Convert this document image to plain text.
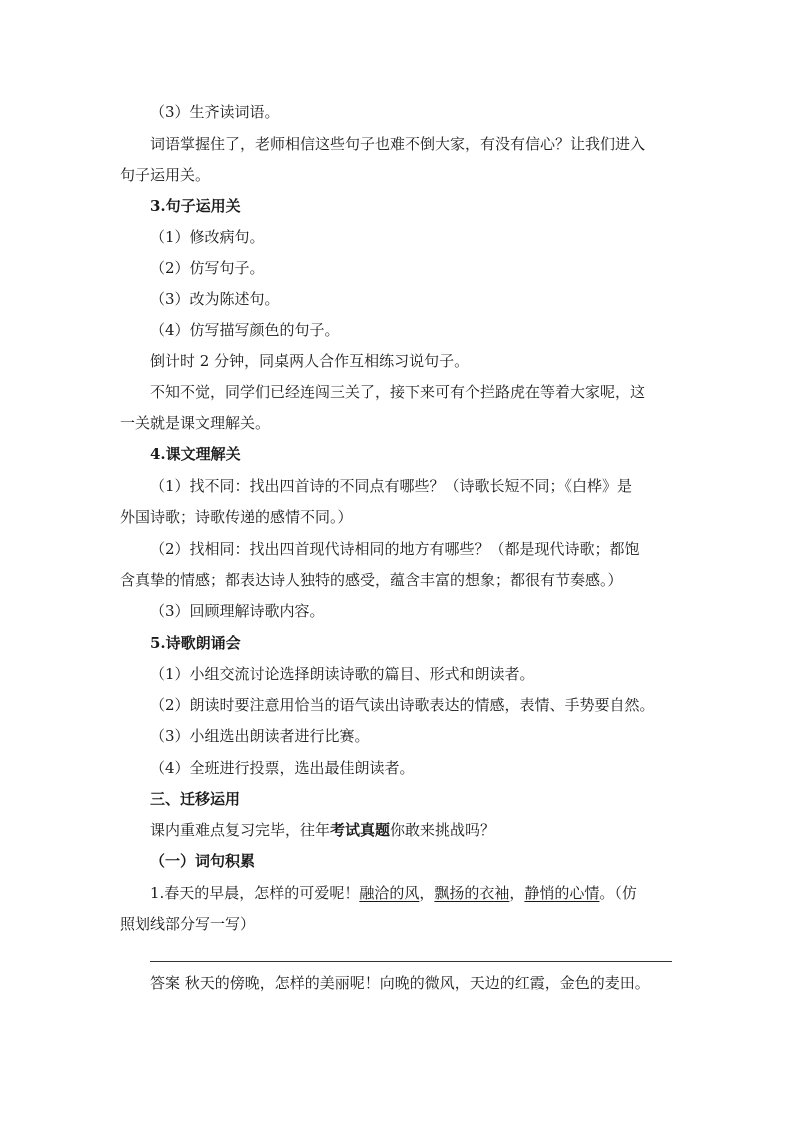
（3）生齐读词语。
词语掌握住了，老师相信这些句子也难不倒大家，有没有信心？让我们进入
句子运用关。
3.句子运用关
（1）修改病句。
（2）仿写句子。
（3）改为陈述句。
（4）仿写描写颜色的句子。
倒计时 2 分钟，同桌两人合作互相练习说句子。
不知不觉，同学们已经连闯三关了，接下来可有个拦路虎在等着大家呢，这
一关就是课文理解关。
4.课文理解关
（1）找不同：找出四首诗的不同点有哪些？（诗歌长短不同；《白桦》是
外国诗歌；诗歌传递的感情不同。）
（2）找相同：找出四首现代诗相同的地方有哪些？（都是现代诗歌；都饱
含真挚的情感；都表达诗人独特的感受，蕴含丰富的想象；都很有节奏感。）
（3）回顾理解诗歌内容。
5.诗歌朗诵会
（1）小组交流讨论选择朗读诗歌的篇目、形式和朗读者。
（2）朗读时要注意用恰当的语气读出诗歌表达的情感，表情、手势要自然。
（3）小组选出朗读者进行比赛。
（4）全班进行投票，选出最佳朗读者。
三、迁移运用
课内重难点复习完毕，往年考试真题你敢来挑战吗？
（一）词句积累
1.春天的早晨，怎样的可爱呢！融洽的风，飘扬的衣袖，静悄的心情。（仿
照划线部分写一写）
答案 秋天的傍晚，怎样的美丽呢！向晚的微风，天边的红霞，金色的麦田。
